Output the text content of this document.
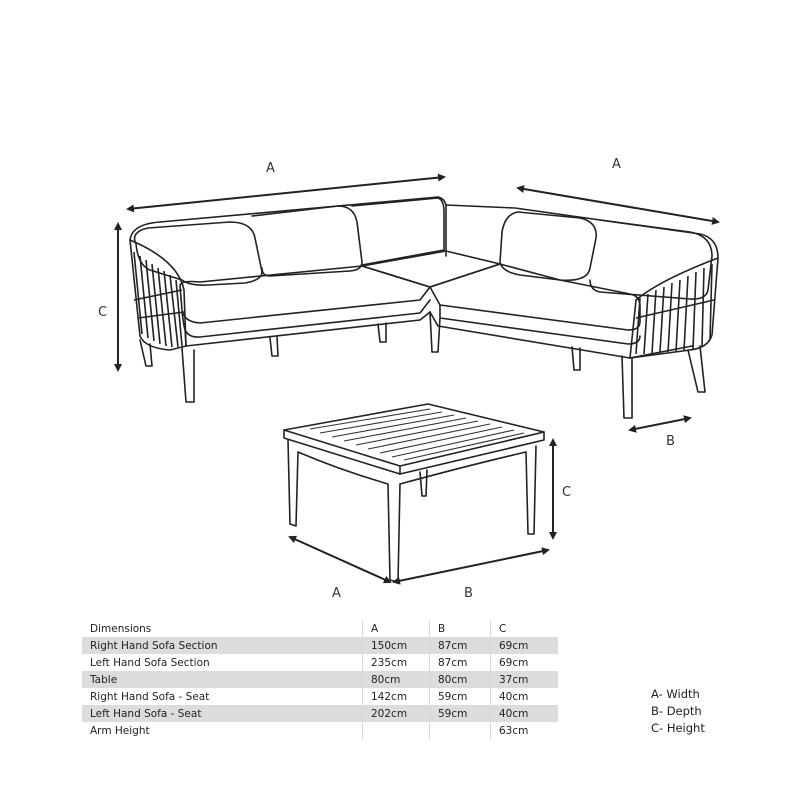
A	A
C
B
C
A	B
Dimensions	A	B	C
Right Hand Sofa Section	150cm	87cm	69cm
Left Hand Sofa Section	235cm	87cm	69cm
Table	80cm	80cm	37cm
Right Hand Sofa - Seat	142cm	59cm	40cm
Left Hand Sofa - Seat	202cm	59cm	40cm
Arm Height			63cm
A- Width
B- Depth
C- Height
